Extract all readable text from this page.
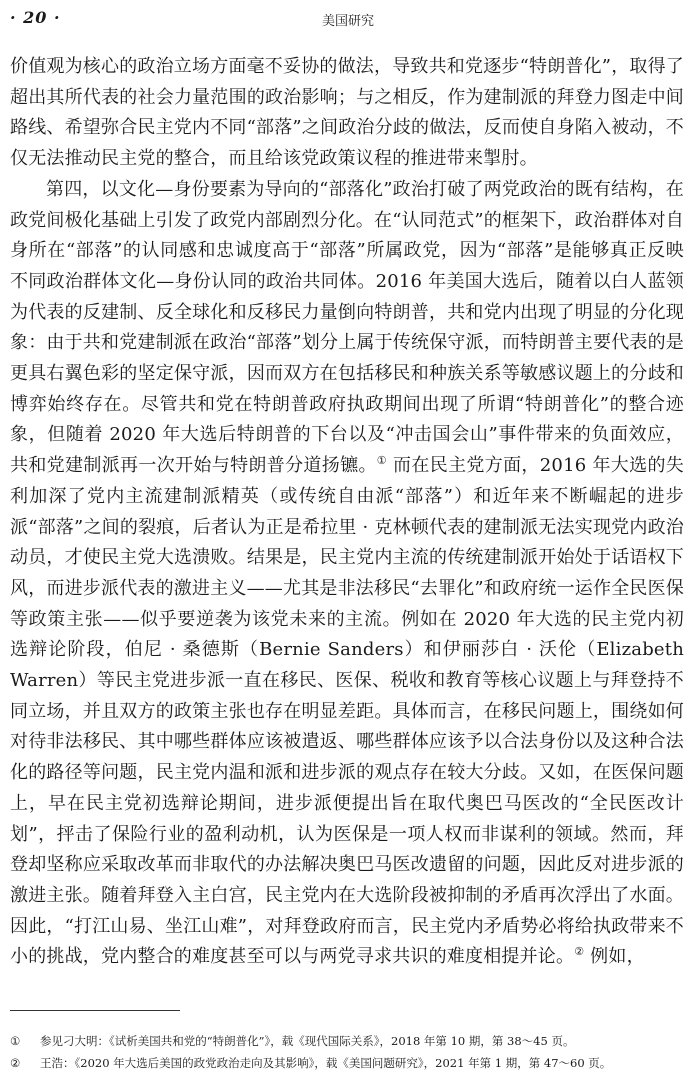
· 20 ·	美国研究

价值观为核心的政治立场方面毫不妥协的做法，导致共和党逐步“特朗普化”，取得了超出其所代表的社会力量范围的政治影响；与之相反，作为建制派的拜登力图走中间路线、希望弥合民主党内不同“部落”之间政治分歧的做法，反而使自身陷入被动，不仅无法推动民主党的整合，而且给该党政策议程的推进带来掣肘。

第四，以文化—身份要素为导向的“部落化”政治打破了两党政治的既有结构，在政党间极化基础上引发了政党内部剧烈分化。在“认同范式”的框架下，政治群体对自身所在“部落”的认同感和忠诚度高于“部落”所属政党，因为“部落”是能够真正反映不同政治群体文化—身份认同的政治共同体。2016 年美国大选后，随着以白人蓝领为代表的反建制、反全球化和反移民力量倒向特朗普，共和党内出现了明显的分化现象：由于共和党建制派在政治“部落”划分上属于传统保守派，而特朗普主要代表的是更具右翼色彩的坚定保守派，因而双方在包括移民和种族关系等敏感议题上的分歧和博弈始终存在。尽管共和党在特朗普政府执政期间出现了所谓“特朗普化”的整合迹象，但随着 2020 年大选后特朗普的下台以及“冲击国会山”事件带来的负面效应，共和党建制派再一次开始与特朗普分道扬镳。① 而在民主党方面，2016 年大选的失利加深了党内主流建制派精英（或传统自由派“部落”）和近年来不断崛起的进步派“部落”之间的裂痕，后者认为正是希拉里 · 克林顿代表的建制派无法实现党内政治动员，才使民主党大选溃败。结果是，民主党内主流的传统建制派开始处于话语权下风，而进步派代表的激进主义——尤其是非法移民“去罪化”和政府统一运作全民医保等政策主张——似乎要逆袭为该党未来的主流。例如在 2020 年大选的民主党内初选辩论阶段，伯尼 · 桑德斯（Bernie Sanders）和伊丽莎白 · 沃伦（Elizabeth Warren）等民主党进步派一直在移民、医保、税收和教育等核心议题上与拜登持不同立场，并且双方的政策主张也存在明显差距。具体而言，在移民问题上，围绕如何对待非法移民、其中哪些群体应该被遣返、哪些群体应该予以合法身份以及这种合法化的路径等问题，民主党内温和派和进步派的观点存在较大分歧。又如，在医保问题上，早在民主党初选辩论期间，进步派便提出旨在取代奥巴马医改的“全民医改计划”，抨击了保险行业的盈利动机，认为医保是一项人权而非谋利的领域。然而，拜登却坚称应采取改革而非取代的办法解决奥巴马医改遗留的问题，因此反对进步派的激进主张。随着拜登入主白宫，民主党内在大选阶段被抑制的矛盾再次浮出了水面。因此，“打江山易、坐江山难”，对拜登政府而言，民主党内矛盾势必将给执政带来不小的挑战，党内整合的难度甚至可以与两党寻求共识的难度相提并论。② 例如，

① 参见刁大明：《试析美国共和党的“特朗普化”》，载《现代国际关系》，2018 年第 10 期，第 38～45 页。
② 王浩：《2020 年大选后美国的政党政治走向及其影响》，载《美国问题研究》，2021 年第 1 期，第 47～60 页。
